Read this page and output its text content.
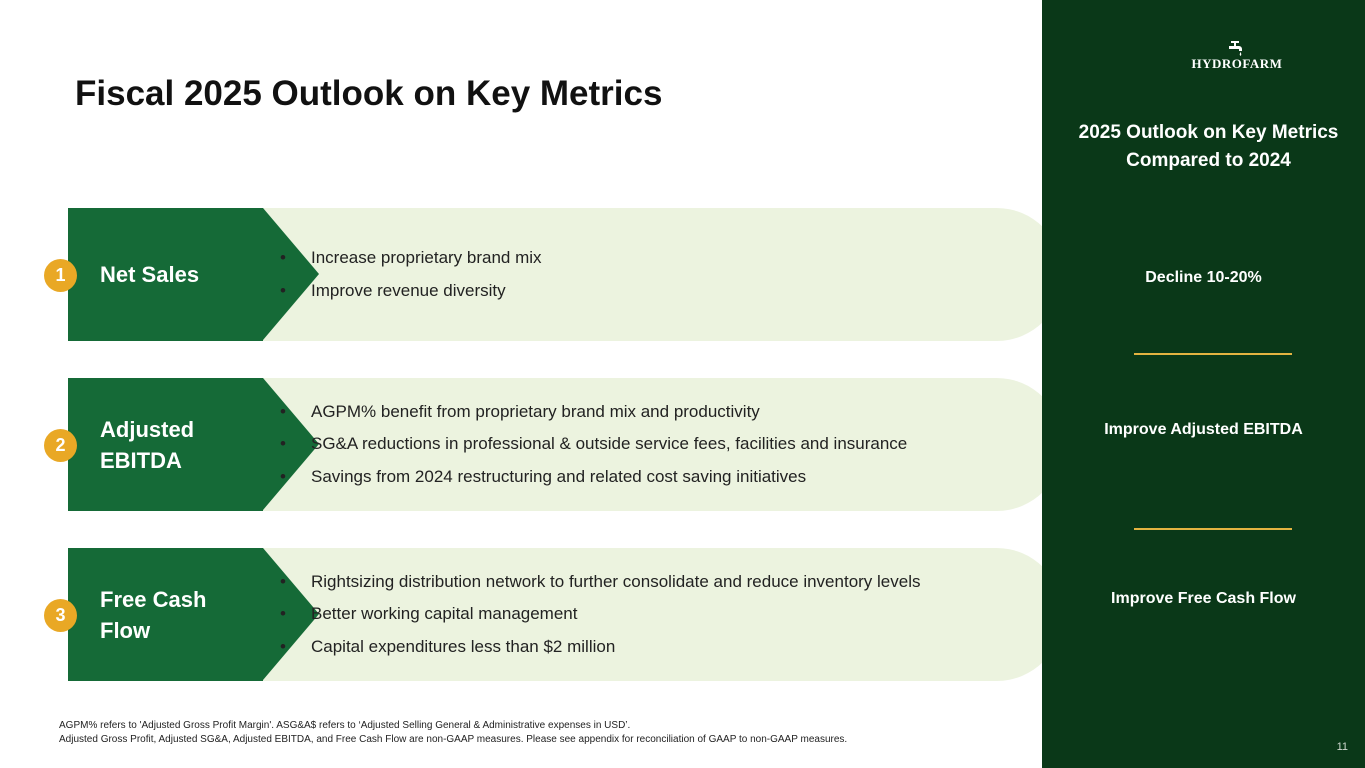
Fiscal 2025 Outlook on Key Metrics
Net Sales
1
• Increase proprietary brand mix
• Improve revenue diversity
Adjusted EBITDA
2
• AGPM% benefit from proprietary brand mix and productivity
• SG&A reductions in professional & outside service fees, facilities and insurance
• Savings from 2024 restructuring and related cost saving initiatives
Free Cash Flow
3
• Rightsizing distribution network to further consolidate and reduce inventory levels
• Better working capital management
• Capital expenditures less than $2 million
HYDROFARM
2025 Outlook on Key Metrics Compared to 2024
Decline 10-20%
Improve Adjusted EBITDA
Improve Free Cash Flow
11
AGPM% refers to 'Adjusted Gross Profit Margin'. ASG&A$ refers to ‘Adjusted Selling General & Administrative expenses in USD’.
Adjusted Gross Profit, Adjusted SG&A, Adjusted EBITDA, and Free Cash Flow are non-GAAP measures. Please see appendix for reconciliation of GAAP to non-GAAP measures.
